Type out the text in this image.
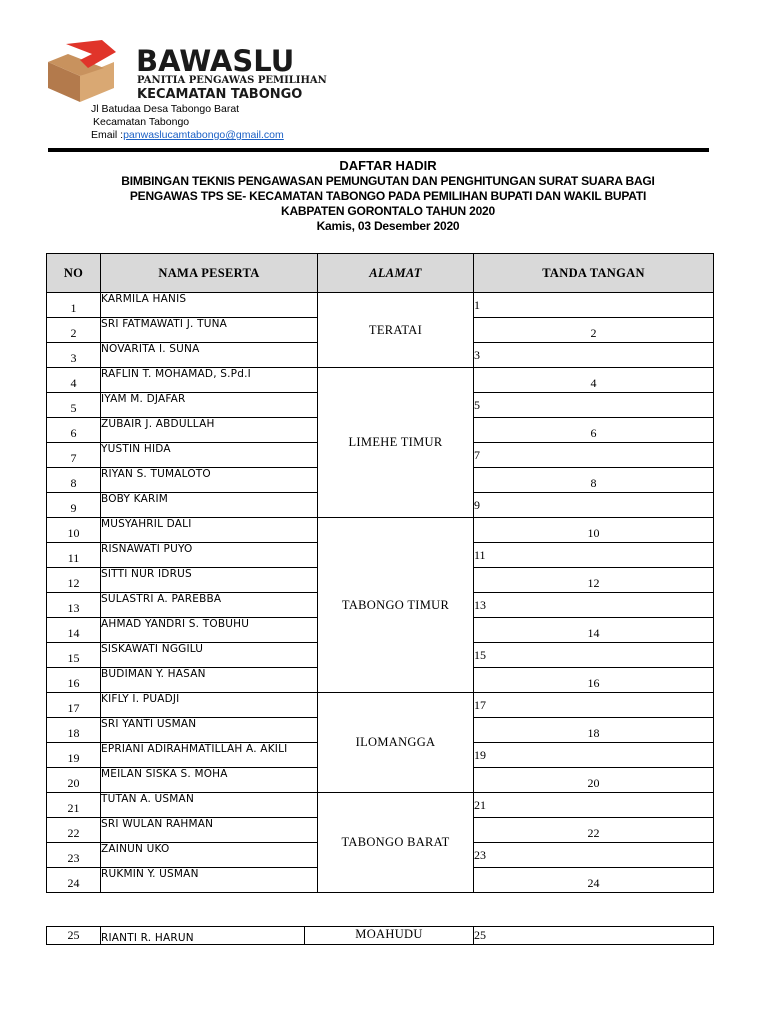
BAWASLU
PANITIA PENGAWAS PEMILIHAN
KECAMATAN TABONGO
Jl Batudaa Desa Tabongo Barat
Kecamatan Tabongo
Email :panwaslucamtabongo@gmail.com
DAFTAR HADIR
BIMBINGAN TEKNIS PENGAWASAN PEMUNGUTAN DAN PENGHITUNGAN SURAT SUARA BAGI
PENGAWAS TPS SE- KECAMATAN TABONGO PADA PEMILIHAN BUPATI DAN WAKIL BUPATI
KABPATEN GORONTALO TAHUN 2020
Kamis, 03 Desember 2020
NO	NAMA PESERTA	ALAMAT	TANDA TANGAN
1	KARMILA HANIS	TERATAI	1
2	SRI FATMAWATI J. TUNA		2
3	NOVARITA I. SUNA		3
4	RAFLIN T. MOHAMAD, S.Pd.I	LIMEHE TIMUR	4
5	IYAM M. DJAFAR		5
6	ZUBAIR J. ABDULLAH		6
7	YUSTIN HIDA		7
8	RIYAN S. TUMALOTO		8
9	BOBY KARIM		9
10	MUSYAHRIL DALI	TABONGO TIMUR	10
11	RISNAWATI PUYO		11
12	SITTI NUR IDRUS		12
13	SULASTRI A. PAREBBA		13
14	AHMAD YANDRI S. TOBUHU		14
15	SISKAWATI NGGILU		15
16	BUDIMAN Y. HASAN		16
17	KIFLY I. PUADJI	ILOMANGGA	17
18	SRI YANTI USMAN		18
19	EPRIANI ADIRAHMATILLAH A. AKILI		19
20	MEILAN SISKA S. MOHA		20
21	TUTAN A. USMAN	TABONGO BARAT	21
22	SRI WULAN RAHMAN		22
23	ZAINUN UKO		23
24	RUKMIN Y. USMAN		24
25	RIANTI R. HARUN	MOAHUDU	25
